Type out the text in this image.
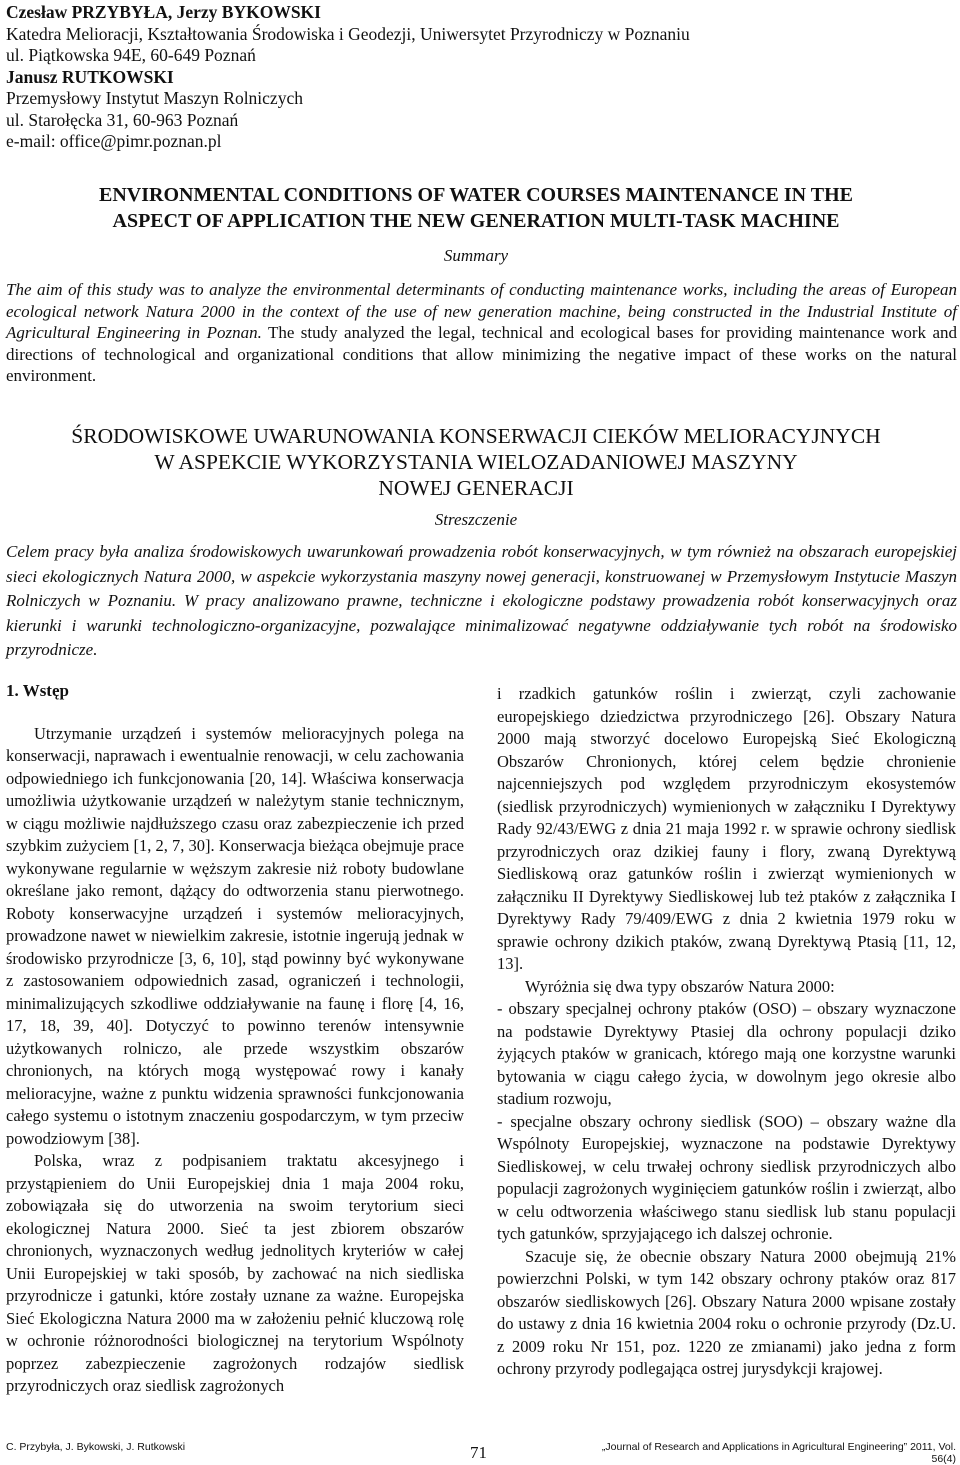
Czesław PRZYBYŁA, Jerzy BYKOWSKI
Katedra Melioracji, Kształtowania Środowiska i Geodezji, Uniwersytet Przyrodniczy w Poznaniu
ul. Piątkowska 94E, 60-649 Poznań
Janusz RUTKOWSKI
Przemysłowy Instytut Maszyn Rolniczych
ul. Starołęcka 31, 60-963 Poznań
e-mail: office@pimr.poznan.pl
ENVIRONMENTAL CONDITIONS OF WATER COURSES MAINTENANCE IN THE
ASPECT OF APPLICATION THE NEW GENERATION MULTI-TASK MACHINE
Summary

The aim of this study was to analyze the environmental determinants of conducting maintenance works, including the areas of European ecological network Natura 2000 in the context of the use of new generation machine, being constructed in the Industrial Institute of Agricultural Engineering in Poznan. The study analyzed the legal, technical and ecological bases for providing maintenance work and directions of technological and organizational conditions that allow minimizing the negative impact of these works on the natural environment.

ŚRODOWISKOWE UWARUNOWANIA KONSERWACJI CIEKÓW MELIORACYJNYCH
W ASPEKCIE WYKORZYSTANIA WIELOZADANIOWEJ MASZYNY
NOWEJ GENERACJI
Streszczenie

Celem pracy była analiza środowiskowych uwarunkowań prowadzenia robót konserwacyjnych, w tym również na obszarach europejskiej sieci ekologicznych Natura 2000, w aspekcie wykorzystania maszyny nowej generacji, konstruowanej w Przemysłowym Instytucie Maszyn Rolniczych w Poznaniu. W pracy analizowano prawne, techniczne i ekologiczne podstawy prowadzenia robót konserwacyjnych oraz kierunki i warunki technologiczno-organizacyjne, pozwalające minimalizować negatywne oddziaływanie tych robót na środowisko przyrodnicze.

1. Wstęp

Utrzymanie urządzeń i systemów melioracyjnych polega na konserwacji, naprawach i ewentualnie renowacji, w celu zachowania odpowiedniego ich funkcjonowania [20, 14]. Właściwa konserwacja umożliwia użytkowanie urządzeń w należytym stanie technicznym, w ciągu możliwie najdłuższego czasu oraz zabezpieczenie ich przed szybkim zużyciem [1, 2, 7, 30]. Konserwacja bieżąca obejmuje prace wykonywane regularnie w węższym zakresie niż roboty budowlane określane jako remont, dążący do odtworzenia stanu pierwotnego. Roboty konserwacyjne urządzeń i systemów melioracyjnych, prowadzone nawet w niewielkim zakresie, istotnie ingerują jednak w środowisko przyrodnicze [3, 6, 10], stąd powinny być wykonywane z zastosowaniem odpowiednich zasad, ograniczeń i technologii, minimalizujących szkodliwe oddziaływanie na faunę i florę [4, 16, 17, 18, 39, 40]. Dotyczyć to powinno terenów intensywnie użytkowanych rolniczo, ale przede wszystkim obszarów chronionych, na których mogą występować rowy i kanały melioracyjne, ważne z punktu widzenia sprawności funkcjonowania całego systemu o istotnym znaczeniu gospodarczym, w tym przeciw powodziowym [38].

Polska, wraz z podpisaniem traktatu akcesyjnego i przystąpieniem do Unii Europejskiej dnia 1 maja 2004 roku, zobowiązała się do utworzenia na swoim terytorium sieci ekologicznej Natura 2000. Sieć ta jest zbiorem obszarów chronionych, wyznaczonych według jednolitych kryteriów w całej Unii Europejskiej w taki sposób, by zachować na nich siedliska przyrodnicze i gatunki, które zostały uznane za ważne. Europejska Sieć Ekologiczna Natura 2000 ma w założeniu pełnić kluczową rolę w ochronie różnorodności biologicznej na terytorium Wspólnoty poprzez zabezpieczenie zagrożonych rodzajów siedlisk przyrodniczych oraz siedlisk zagrożonych

i rzadkich gatunków roślin i zwierząt, czyli zachowanie europejskiego dziedzictwa przyrodniczego [26]. Obszary Natura 2000 mają stworzyć docelowo Europejską Sieć Ekologiczną Obszarów Chronionych, której celem będzie chronienie najcenniejszych pod względem przyrodniczym ekosystemów (siedlisk przyrodniczych) wymienionych w załączniku I Dyrektywy Rady 92/43/EWG z dnia 21 maja 1992 r. w sprawie ochrony siedlisk przyrodniczych oraz dzikiej fauny i flory, zwaną Dyrektywą Siedliskową oraz gatunków roślin i zwierząt wymienionych w załączniku II Dyrektywy Siedliskowej lub też ptaków z załącznika I Dyrektywy Rady 79/409/EWG z dnia 2 kwietnia 1979 roku w sprawie ochrony dzikich ptaków, zwaną Dyrektywą Ptasią [11, 12, 13].

Wyróżnia się dwa typy obszarów Natura 2000:

- obszary specjalnej ochrony ptaków (OSO) – obszary wyznaczone na podstawie Dyrektywy Ptasiej dla ochrony populacji dziko żyjących ptaków w granicach, którego mają one korzystne warunki bytowania w ciągu całego życia, w dowolnym jego okresie albo stadium rozwoju,

- specjalne obszary ochrony siedlisk (SOO) – obszary ważne dla Wspólnoty Europejskiej, wyznaczone na podstawie Dyrektywy Siedliskowej, w celu trwałej ochrony siedlisk przyrodniczych albo populacji zagrożonych wyginięciem gatunków roślin i zwierząt, albo w celu odtworzenia właściwego stanu siedlisk lub stanu populacji tych gatunków, sprzyjającego ich dalszej ochronie.

Szacuje się, że obecnie obszary Natura 2000 obejmują 21% powierzchni Polski, w tym 142 obszary ochrony ptaków oraz 817 obszarów siedliskowych [26]. Obszary Natura 2000 wpisane zostały do ustawy z dnia 16 kwietnia 2004 roku o ochronie przyrody (Dz.U. z 2009 roku Nr 151, poz. 1220 ze zmianami) jako jedna z form ochrony przyrody podlegająca ostrej jurysdykcji krajowej.

C. Przybyła, J. Bykowski, J. Rutkowski	71	„Journal of Research and Applications in Agricultural Engineering” 2011, Vol. 56(4)
